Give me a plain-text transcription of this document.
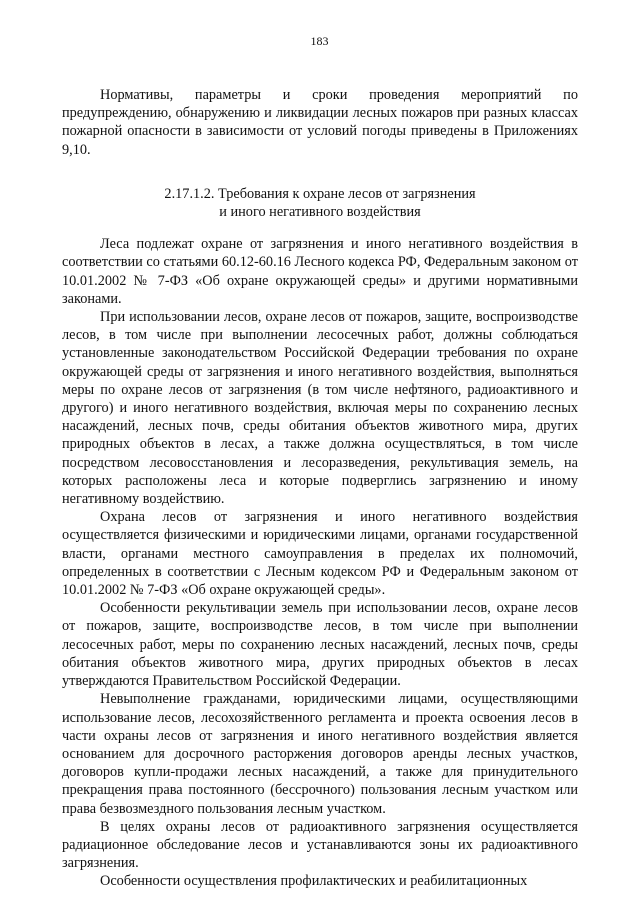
183

Нормативы, параметры и сроки проведения мероприятий по предупреждению, обнаружению и ликвидации лесных пожаров при разных классах пожарной опасности в зависимости от условий погоды приведены в Приложениях 9,10.

2.17.1.2. Требования к охране лесов от загрязнения
и иного негативного воздействия

Леса подлежат охране от загрязнения и иного негативного воздействия в соответствии со статьями 60.12-60.16 Лесного кодекса РФ, Федеральным законом от 10.01.2002 № 7-ФЗ «Об охране окружающей среды» и другими нормативными законами.

При использовании лесов, охране лесов от пожаров, защите, воспроизводстве лесов, в том числе при выполнении лесосечных работ, должны соблюдаться установленные законодательством Российской Федерации требования по охране окружающей среды от загрязнения и иного негативного воздействия, выполняться меры по охране лесов от загрязнения (в том числе нефтяного, радиоактивного и другого) и иного негативного воздействия, включая меры по сохранению лесных насаждений, лесных почв, среды обитания объектов животного мира, других природных объектов в лесах, а также должна осуществляться, в том числе посредством лесовосстановления и лесоразведения, рекультивация земель, на которых расположены леса и которые подверглись загрязнению и иному негативному воздействию.

Охрана лесов от загрязнения и иного негативного воздействия осуществляется физическими и юридическими лицами, органами государственной власти, органами местного самоуправления в пределах их полномочий, определенных в соответствии с Лесным кодексом РФ и Федеральным законом от 10.01.2002 № 7-ФЗ «Об охране окружающей среды».

Особенности рекультивации земель при использовании лесов, охране лесов от пожаров, защите, воспроизводстве лесов, в том числе при выполнении лесосечных работ, меры по сохранению лесных насаждений, лесных почв, среды обитания объектов животного мира, других природных объектов в лесах утверждаются Правительством Российской Федерации.

Невыполнение гражданами, юридическими лицами, осуществляющими использование лесов, лесохозяйственного регламента и проекта освоения лесов в части охраны лесов от загрязнения и иного негативного воздействия является основанием для досрочного расторжения договоров аренды лесных участков, договоров купли-продажи лесных насаждений, а также для принудительного прекращения права постоянного (бессрочного) пользования лесным участком или права безвозмездного пользования лесным участком.

В целях охраны лесов от радиоактивного загрязнения осуществляется радиационное обследование лесов и устанавливаются зоны их радиоактивного загрязнения.

Особенности осуществления профилактических и реабилитационных
